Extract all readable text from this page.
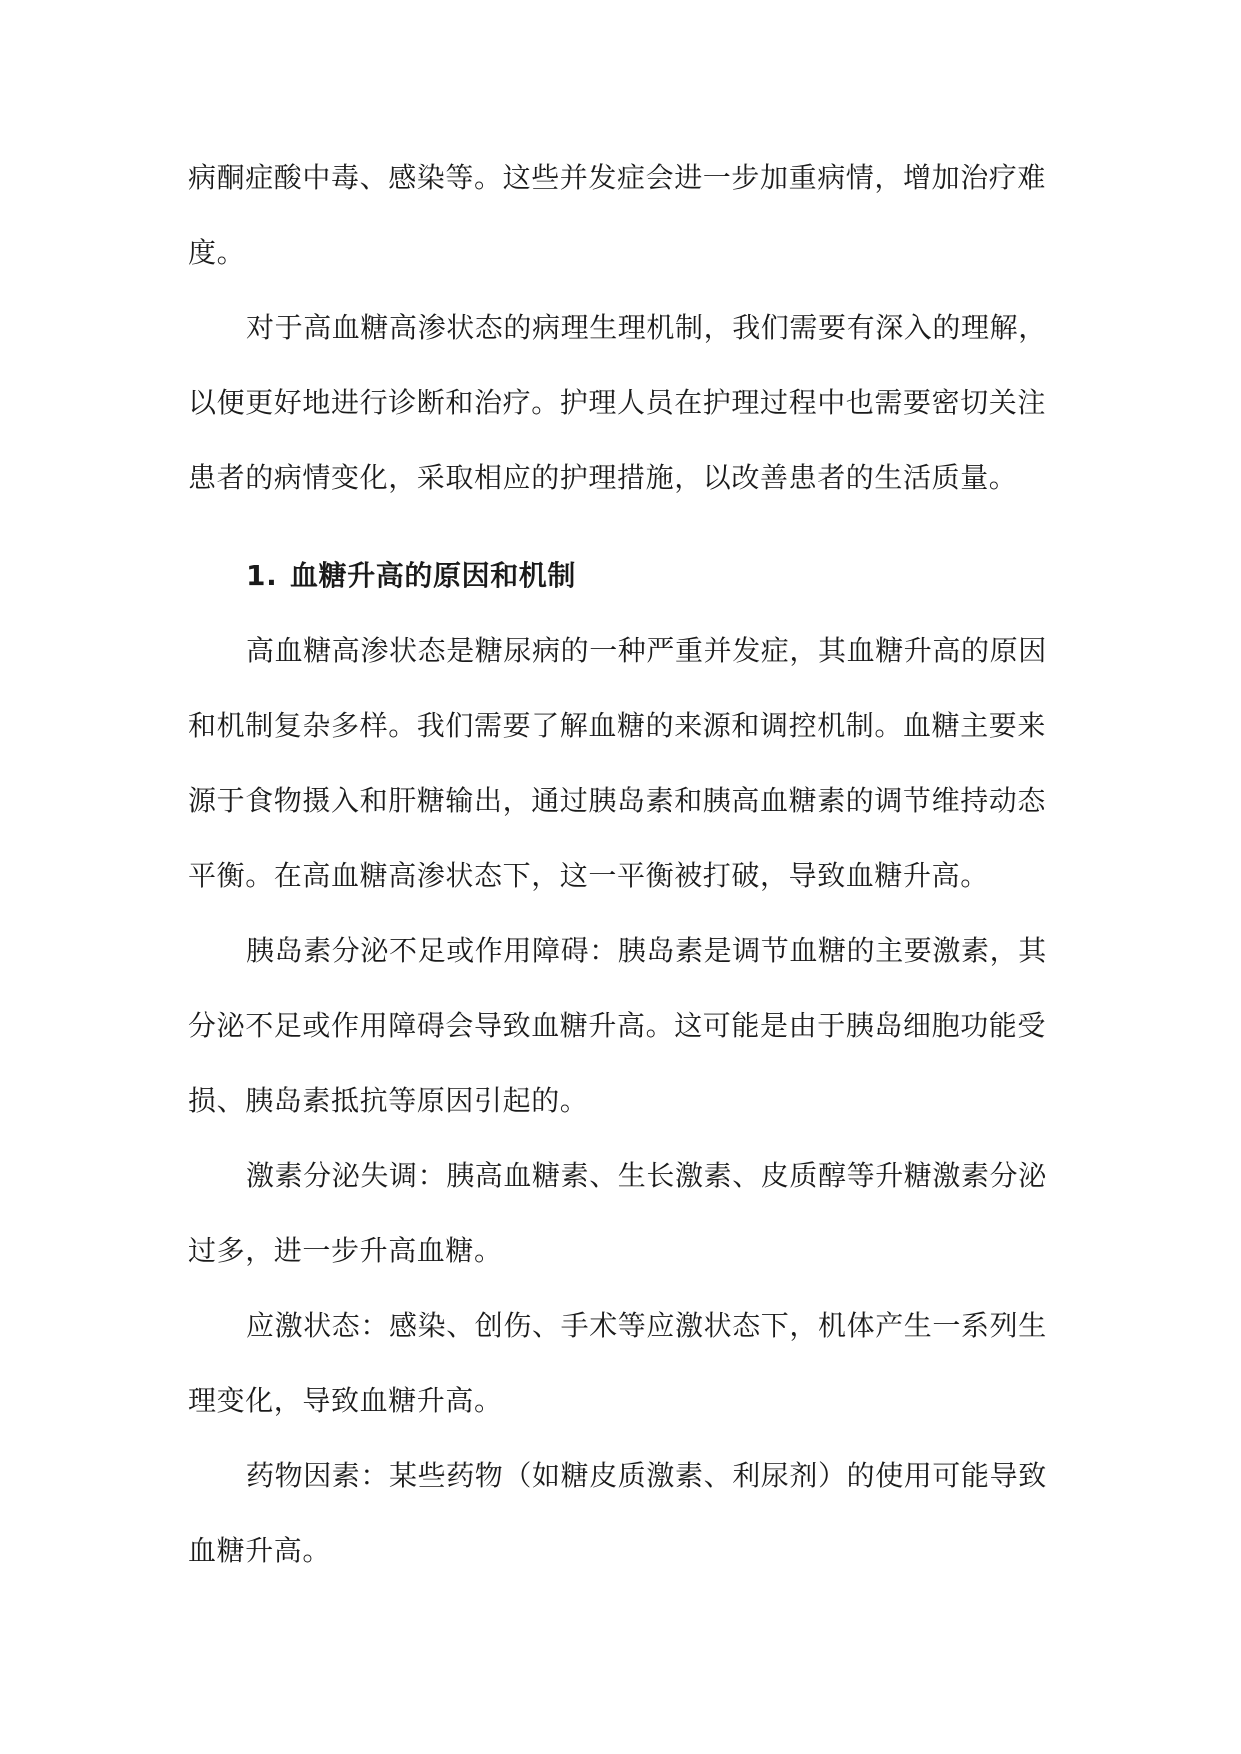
病酮症酸中毒、感染等。这些并发症会进一步加重病情，增加治疗难
度。
对于高血糖高渗状态的病理生理机制，我们需要有深入的理解，
以便更好地进行诊断和治疗。护理人员在护理过程中也需要密切关注
患者的病情变化，采取相应的护理措施，以改善患者的生活质量。
1. 血糖升高的原因和机制
高血糖高渗状态是糖尿病的一种严重并发症，其血糖升高的原因
和机制复杂多样。我们需要了解血糖的来源和调控机制。血糖主要来
源于食物摄入和肝糖输出，通过胰岛素和胰高血糖素的调节维持动态
平衡。在高血糖高渗状态下，这一平衡被打破，导致血糖升高。
胰岛素分泌不足或作用障碍：胰岛素是调节血糖的主要激素，其
分泌不足或作用障碍会导致血糖升高。这可能是由于胰岛细胞功能受
损、胰岛素抵抗等原因引起的。
激素分泌失调：胰高血糖素、生长激素、皮质醇等升糖激素分泌
过多，进一步升高血糖。
应激状态：感染、创伤、手术等应激状态下，机体产生一系列生
理变化，导致血糖升高。
药物因素：某些药物（如糖皮质激素、利尿剂）的使用可能导致
血糖升高。
